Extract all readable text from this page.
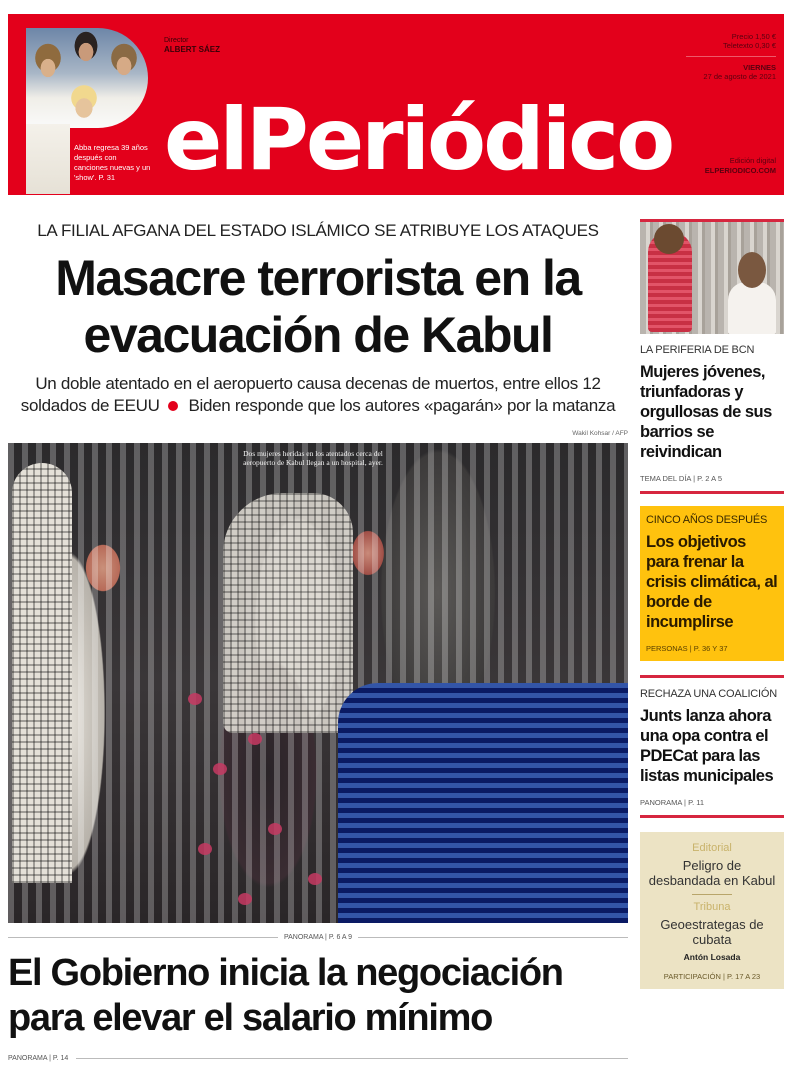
Abba regresa 39 años después con canciones nuevas y un 'show'. P. 31
Director
ALBERT SÁEZ
elPeriódico
Precio 1,50 €
Teletexto 0,30 €
VIERNES
27 de agosto de 2021
Edición digital
ELPERIODICO.COM
LA FILIAL AFGANA DEL ESTADO ISLÁMICO SE ATRIBUYE LOS ATAQUES
Masacre terrorista en la evacuación de Kabul
Un doble atentado en el aeropuerto causa decenas de muertos, entre ellos 12 soldados de EEUU Biden responde que los autores «pagarán» por la matanza
Wakil Kohsar / AFP
Dos mujeres heridas en los atentados cerca del aeropuerto de Kabul llegan a un hospital, ayer.
PANORAMA | P. 6 A 9
El Gobierno inicia la negociación para elevar el salario mínimo
PANORAMA | P. 14
LA PERIFERIA DE BCN
Mujeres jóvenes, triunfadoras y orgullosas de sus barrios se reivindican
TEMA DEL DÍA | P. 2 A 5
CINCO AÑOS DESPUÉS
Los objetivos para frenar la crisis climática, al borde de incumplirse
PERSONAS | P. 36 Y 37
RECHAZA UNA COALICIÓN
Junts lanza ahora una opa contra el PDECat para las listas municipales
PANORAMA | P. 11
Editorial
Peligro de desbandada en Kabul
Tribuna
Geoestrategas de cubata
Antón Losada
PARTICIPACIÓN | P. 17 A 23
